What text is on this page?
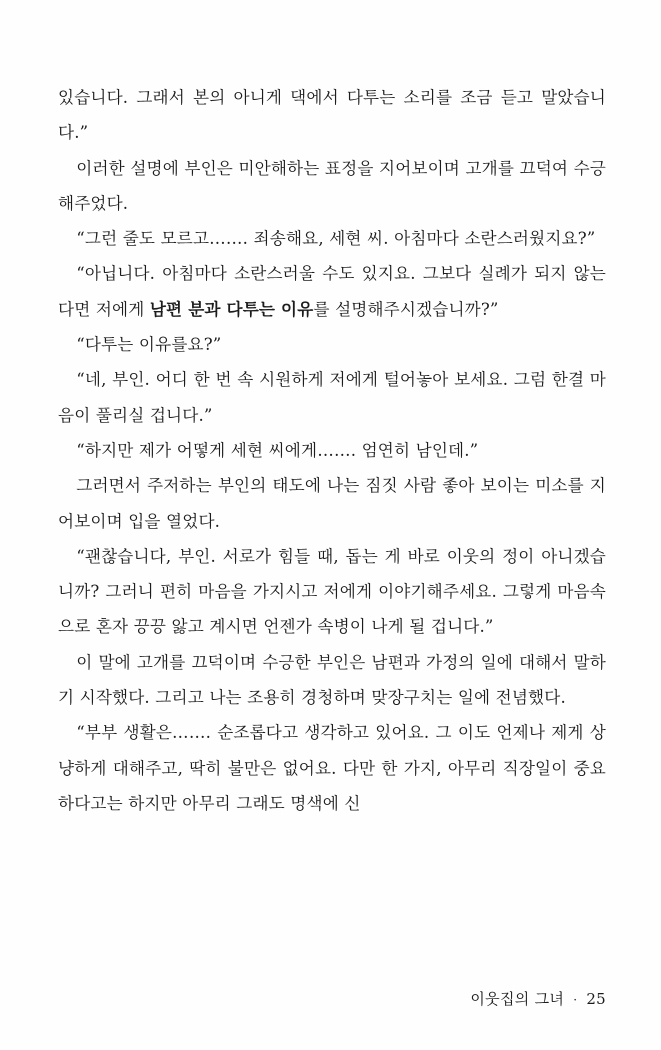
있습니다. 그래서 본의 아니게 댁에서 다투는 소리를 조금 듣고 말았습니다.”

이러한 설명에 부인은 미안해하는 표정을 지어보이며 고개를 끄덕여 수긍해주었다.

“그런 줄도 모르고……. 죄송해요, 세현 씨. 아침마다 소란스러웠지요?”

“아닙니다. 아침마다 소란스러울 수도 있지요. 그보다 실례가 되지 않는다면 저에게 남편 분과 다투는 이유를 설명해주시겠습니까?”

“다투는 이유를요?”

“네, 부인. 어디 한 번 속 시원하게 저에게 털어놓아 보세요. 그럼 한결 마음이 풀리실 겁니다.”

“하지만 제가 어떻게 세현 씨에게……. 엄연히 남인데.”

그러면서 주저하는 부인의 태도에 나는 짐짓 사람 좋아 보이는 미소를 지어보이며 입을 열었다.

“괜찮습니다, 부인. 서로가 힘들 때, 돕는 게 바로 이웃의 정이 아니겠습니까? 그러니 편히 마음을 가지시고 저에게 이야기해주세요. 그렇게 마음속으로 혼자 끙끙 앓고 계시면 언젠가 속병이 나게 될 겁니다.”

이 말에 고개를 끄덕이며 수긍한 부인은 남편과 가정의 일에 대해서 말하기 시작했다. 그리고 나는 조용히 경청하며 맞장구치는 일에 전념했다.

“부부 생활은……. 순조롭다고 생각하고 있어요. 그 이도 언제나 제게 상냥하게 대해주고, 딱히 불만은 없어요. 다만 한 가지, 아무리 직장일이 중요하다고는 하지만 아무리 그래도 명색에 신

이웃집의 그녀 · 25
